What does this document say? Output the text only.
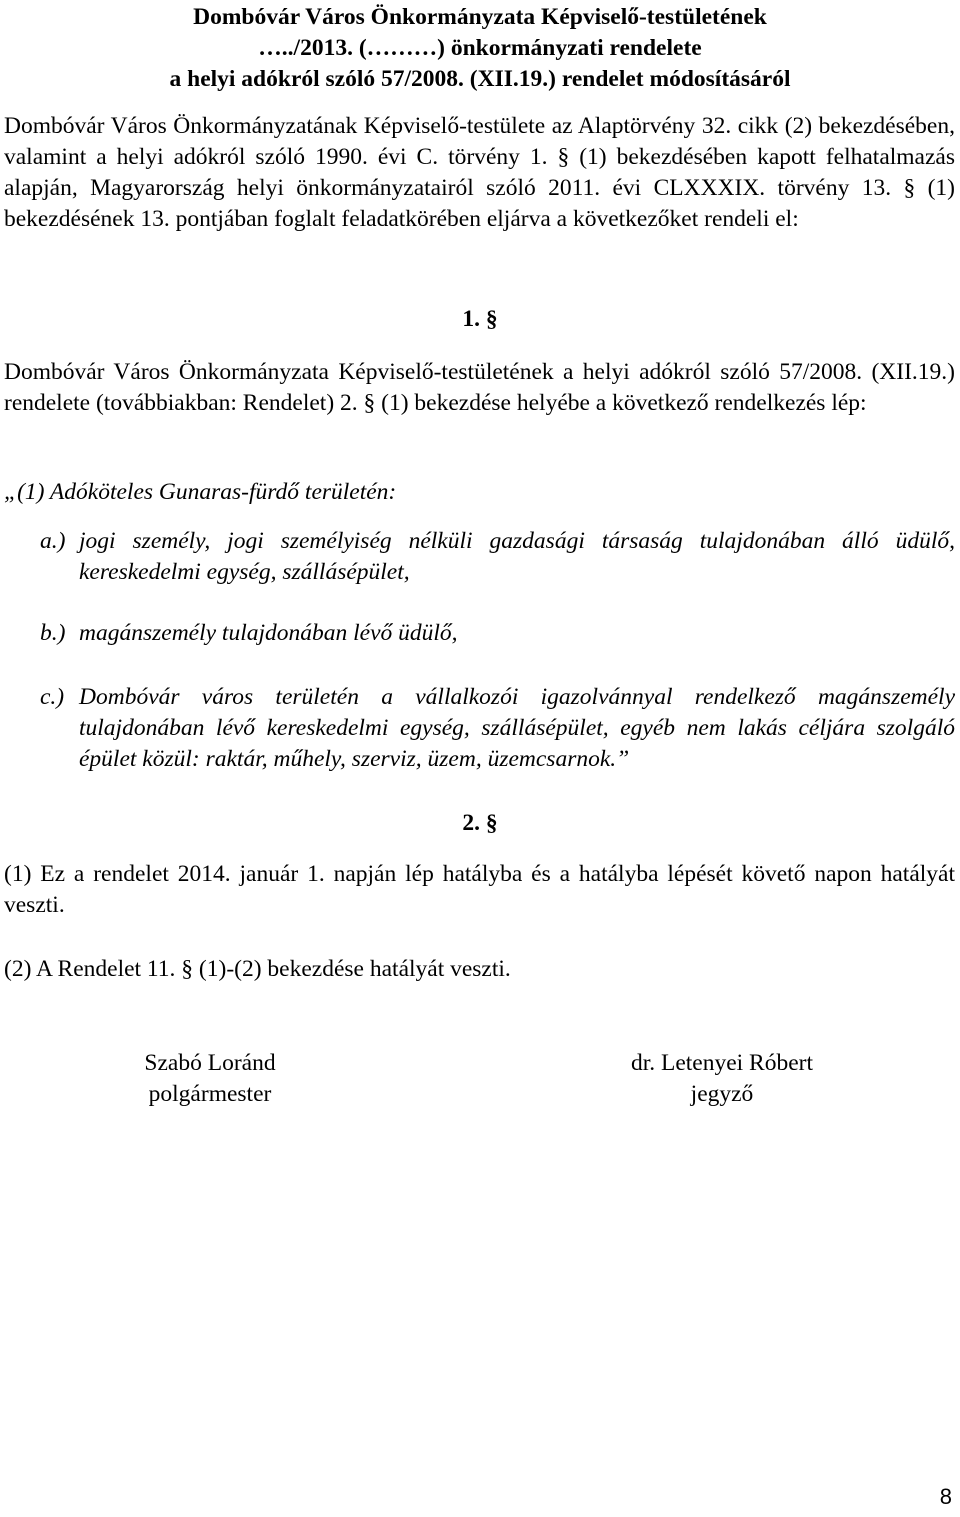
Dombóvár Város Önkormányzata Képviselő-testületének
…../2013. (………) önkormányzati rendelete
a helyi adókról szóló 57/2008. (XII.19.) rendelet módosításáról
Dombóvár Város Önkormányzatának Képviselő-testülete az Alaptörvény 32. cikk (2) bekezdésében, valamint a helyi adókról szóló 1990. évi C. törvény 1. § (1) bekezdésében kapott felhatalmazás alapján, Magyarország helyi önkormányzatairól szóló 2011. évi CLXXXIX. törvény 13. § (1) bekezdésének 13. pontjában foglalt feladatkörében eljárva a következőket rendeli el:
1. §
Dombóvár Város Önkormányzata Képviselő-testületének a helyi adókról szóló 57/2008. (XII.19.) rendelete (továbbiakban: Rendelet) 2. § (1) bekezdése helyébe a következő rendelkezés lép:
„(1) Adóköteles Gunaras-fürdő területén:
a.) jogi személy, jogi személyiség nélküli gazdasági társaság tulajdonában álló üdülő, kereskedelmi egység, szállásépület,
b.) magánszemély tulajdonában lévő üdülő,
c.) Dombóvár város területén a vállalkozói igazolvánnyal rendelkező magánszemély tulajdonában lévő kereskedelmi egység, szállásépület, egyéb nem lakás céljára szolgáló épület közül: raktár, műhely, szerviz, üzem, üzemcsarnok.”
2. §
(1) Ez a rendelet 2014. január 1. napján lép hatályba és a hatályba lépését követő napon hatályát veszti.
(2) A Rendelet 11. § (1)-(2) bekezdése hatályát veszti.
Szabó Loránd
polgármester
dr. Letenyei Róbert
jegyző
8
